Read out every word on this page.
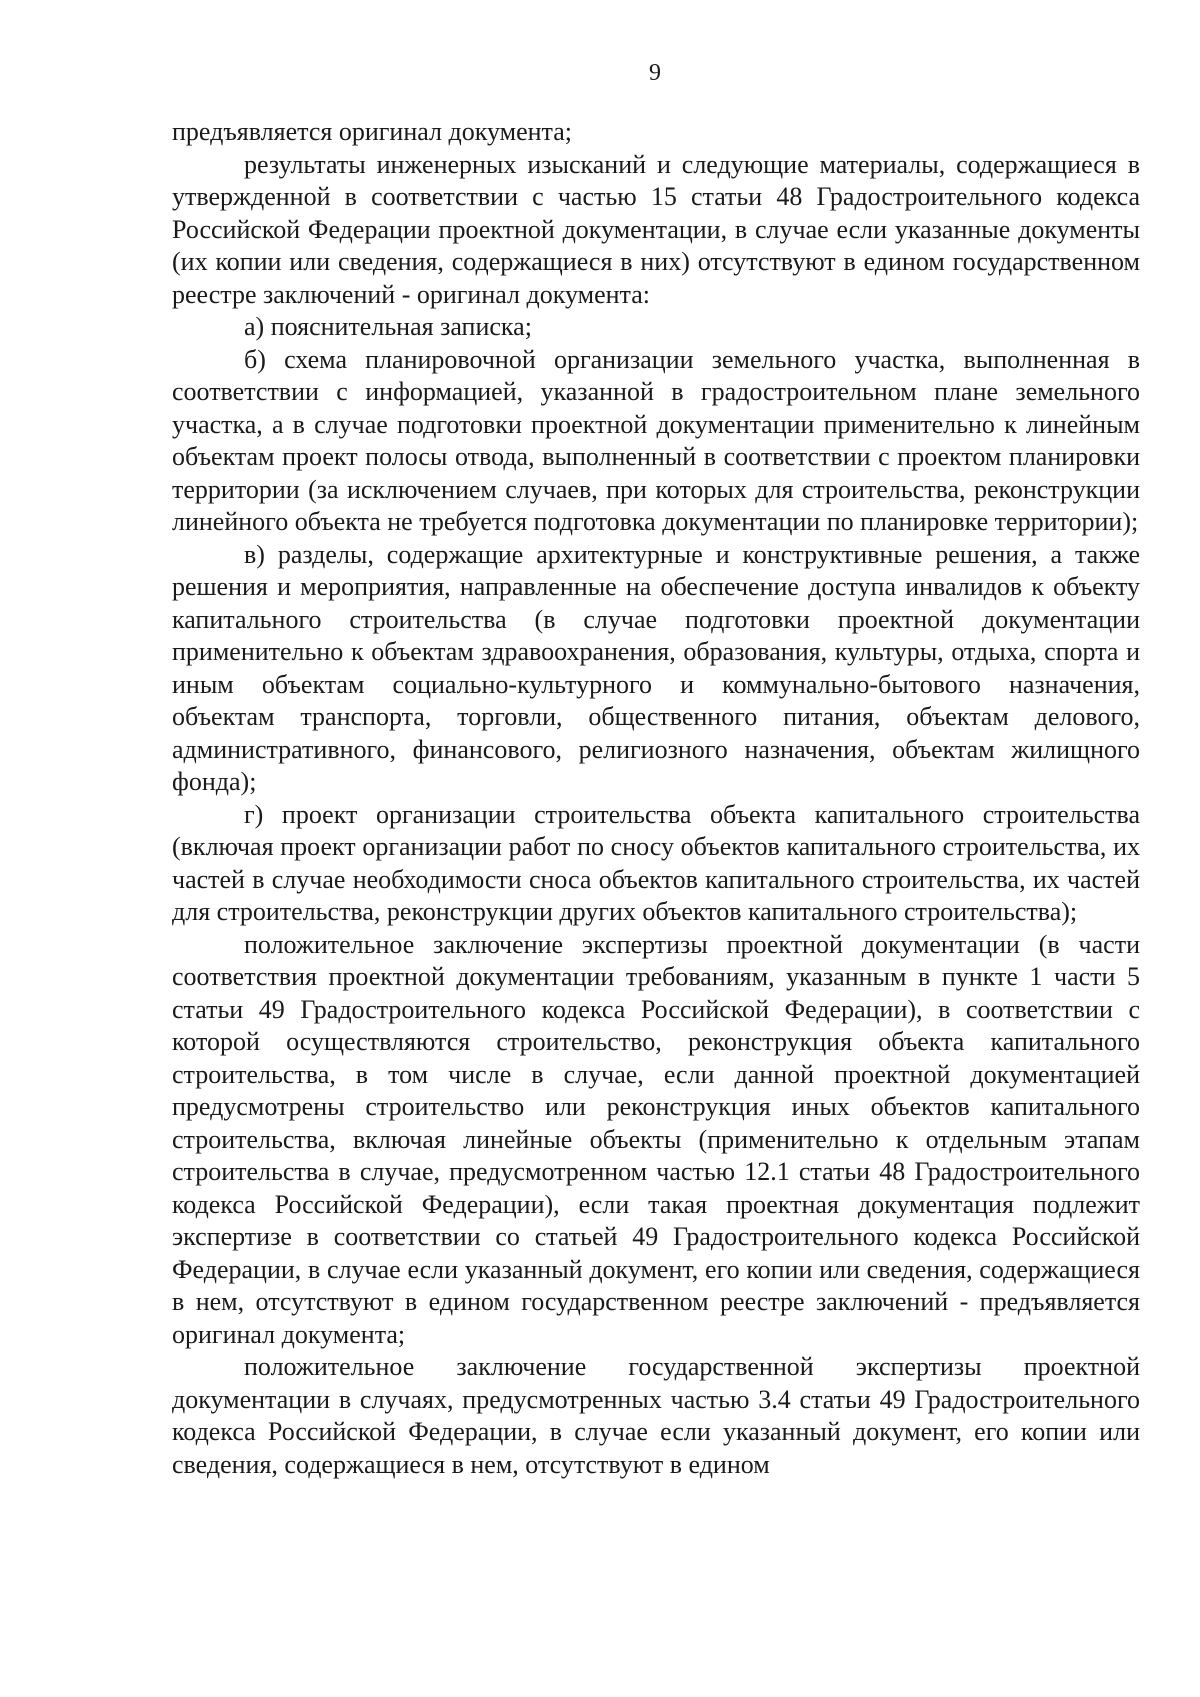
9

предъявляется оригинал документа;

результаты инженерных изысканий и следующие материалы, содержащиеся в утвержденной в соответствии с частью 15 статьи 48 Градостроительного кодекса Российской Федерации проектной документации, в случае если указанные документы (их копии или сведения, содержащиеся в них) отсутствуют в едином государственном реестре заключений - оригинал документа:

а) пояснительная записка;

б) схема планировочной организации земельного участка, выполненная в соответствии с информацией, указанной в градостроительном плане земельного участка, а в случае подготовки проектной документации применительно к линейным объектам проект полосы отвода, выполненный в соответствии с проектом планировки территории (за исключением случаев, при которых для строительства, реконструкции линейного объекта не требуется подготовка документации по планировке территории);

в) разделы, содержащие архитектурные и конструктивные решения, а также решения и мероприятия, направленные на обеспечение доступа инвалидов к объекту капитального строительства (в случае подготовки проектной документации применительно к объектам здравоохранения, образования, культуры, отдыха, спорта и иным объектам социально-культурного и коммунально-бытового назначения, объектам транспорта, торговли, общественного питания, объектам делового, административного, финансового, религиозного назначения, объектам жилищного фонда);

г) проект организации строительства объекта капитального строительства (включая проект организации работ по сносу объектов капитального строительства, их частей в случае необходимости сноса объектов капитального строительства, их частей для строительства, реконструкции других объектов капитального строительства);

положительное заключение экспертизы проектной документации (в части соответствия проектной документации требованиям, указанным в пункте 1 части 5 статьи 49 Градостроительного кодекса Российской Федерации), в соответствии с которой осуществляются строительство, реконструкция объекта капитального строительства, в том числе в случае, если данной проектной документацией предусмотрены строительство или реконструкция иных объектов капитального строительства, включая линейные объекты (применительно к отдельным этапам строительства в случае, предусмотренном частью 12.1 статьи 48 Градостроительного кодекса Российской Федерации), если такая проектная документация подлежит экспертизе в соответствии со статьей 49 Градостроительного кодекса Российской Федерации, в случае если указанный документ, его копии или сведения, содержащиеся в нем, отсутствуют в едином государственном реестре заключений - предъявляется оригинал документа;

положительное заключение государственной экспертизы проектной документации в случаях, предусмотренных частью 3.4 статьи 49 Градостроительного кодекса Российской Федерации, в случае если указанный документ, его копии или сведения, содержащиеся в нем, отсутствуют в едином
